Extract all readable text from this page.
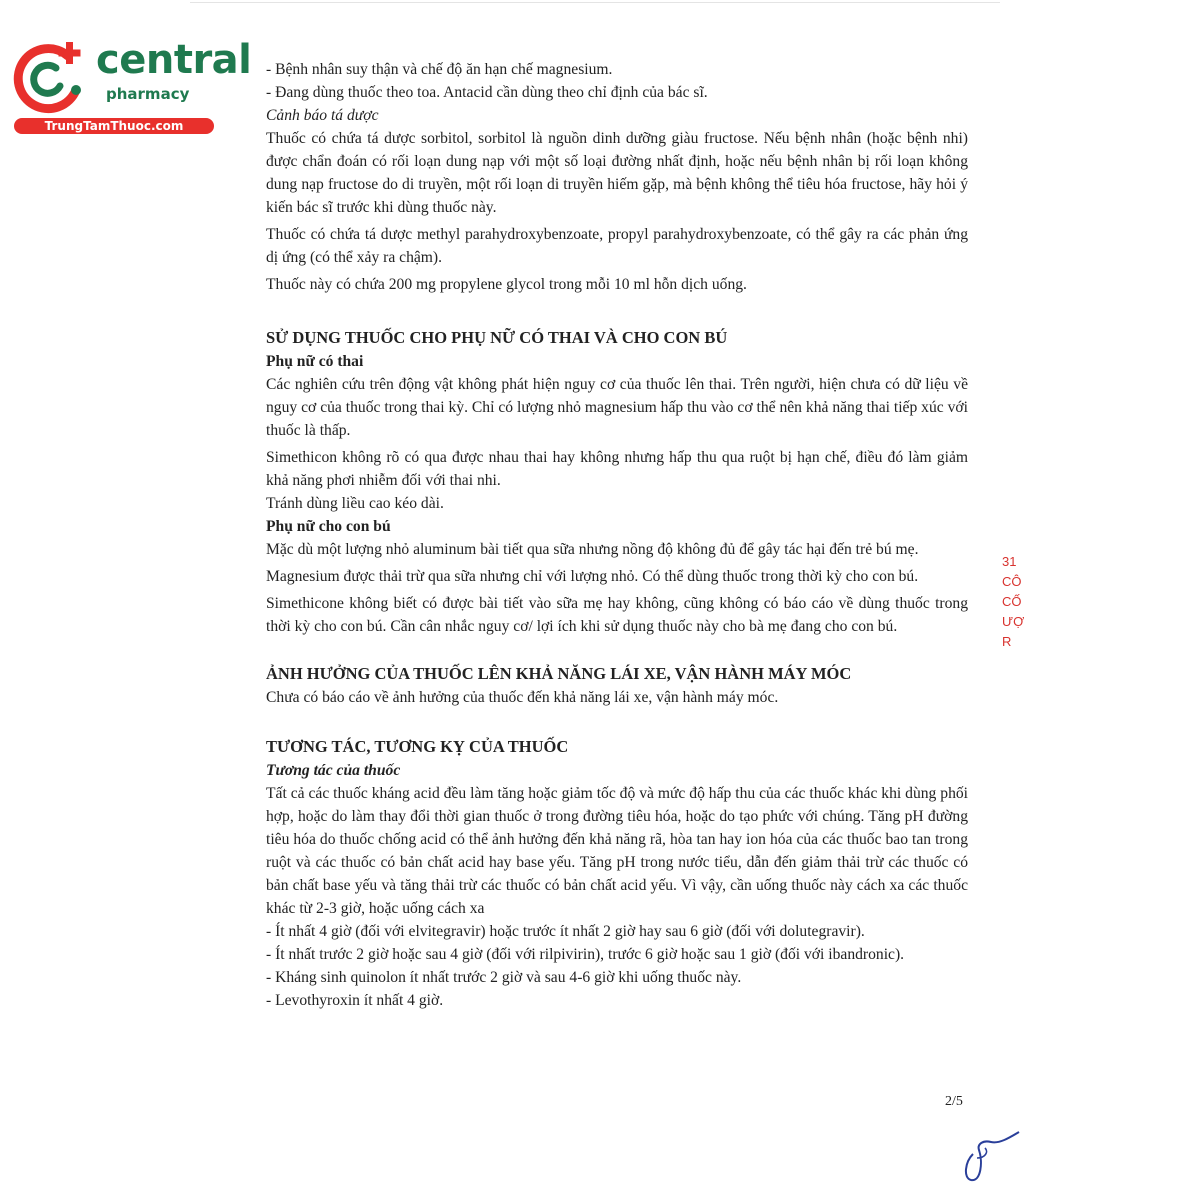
central
pharmacy
TrungTamThuoc.com

- Bệnh nhân suy thận và chế độ ăn hạn chế magnesium.

- Đang dùng thuốc theo toa. Antacid cần dùng theo chỉ định của bác sĩ.

Cảnh báo tá dược

Thuốc có chứa tá dược sorbitol, sorbitol là nguồn dinh dưỡng giàu fructose. Nếu bệnh nhân (hoặc bệnh nhi) được chẩn đoán có rối loạn dung nạp với một số loại đường nhất định, hoặc nếu bệnh nhân bị rối loạn không dung nạp fructose do di truyền, một rối loạn di truyền hiếm gặp, mà bệnh không thể tiêu hóa fructose, hãy hỏi ý kiến bác sĩ trước khi dùng thuốc này.

Thuốc có chứa tá dược methyl parahydroxybenzoate, propyl parahydroxybenzoate, có thể gây ra các phản ứng dị ứng (có thể xảy ra chậm).

Thuốc này có chứa 200 mg propylene glycol trong mỗi 10 ml hỗn dịch uống.

SỬ DỤNG THUỐC CHO PHỤ NỮ CÓ THAI VÀ CHO CON BÚ
Phụ nữ có thai

Các nghiên cứu trên động vật không phát hiện nguy cơ của thuốc lên thai. Trên người, hiện chưa có dữ liệu về nguy cơ của thuốc trong thai kỳ. Chỉ có lượng nhỏ magnesium hấp thu vào cơ thể nên khả năng thai tiếp xúc với thuốc là thấp.

Simethicon không rõ có qua được nhau thai hay không nhưng hấp thu qua ruột bị hạn chế, điều đó làm giảm khả năng phơi nhiễm đối với thai nhi.

Tránh dùng liều cao kéo dài.

Phụ nữ cho con bú

Mặc dù một lượng nhỏ aluminum bài tiết qua sữa nhưng nồng độ không đủ để gây tác hại đến trẻ bú mẹ.

Magnesium được thải trừ qua sữa nhưng chỉ với lượng nhỏ. Có thể dùng thuốc trong thời kỳ cho con bú.

Simethicone không biết có được bài tiết vào sữa mẹ hay không, cũng không có báo cáo về dùng thuốc trong thời kỳ cho con bú. Cần cân nhắc nguy cơ/ lợi ích khi sử dụng thuốc này cho bà mẹ đang cho con bú.

ẢNH HƯỞNG CỦA THUỐC LÊN KHẢ NĂNG LÁI XE, VẬN HÀNH MÁY MÓC

Chưa có báo cáo về ảnh hưởng của thuốc đến khả năng lái xe, vận hành máy móc.

TƯƠNG TÁC, TƯƠNG KỴ CỦA THUỐC

Tương tác của thuốc

Tất cả các thuốc kháng acid đều làm tăng hoặc giảm tốc độ và mức độ hấp thu của các thuốc khác khi dùng phối hợp, hoặc do làm thay đổi thời gian thuốc ở trong đường tiêu hóa, hoặc do tạo phức với chúng. Tăng pH đường tiêu hóa do thuốc chống acid có thể ảnh hưởng đến khả năng rã, hòa tan hay ion hóa của các thuốc bao tan trong ruột và các thuốc có bản chất acid hay base yếu. Tăng pH trong nước tiểu, dẫn đến giảm thải trừ các thuốc có bản chất base yếu và tăng thải trừ các thuốc có bản chất acid yếu. Vì vậy, cần uống thuốc này cách xa các thuốc khác từ 2-3 giờ, hoặc uống cách xa

- Ít nhất 4 giờ (đối với elvitegravir) hoặc trước ít nhất 2 giờ hay sau 6 giờ (đối với dolutegravir).

- Ít nhất trước 2 giờ hoặc sau 4 giờ (đối với rilpivirin), trước 6 giờ hoặc sau 1 giờ (đối với ibandronic).

- Kháng sinh quinolon ít nhất trước 2 giờ và sau 4-6 giờ khi uống thuốc này.

- Levothyroxin ít nhất 4 giờ.

2/5
31
CÔ
CỐ
ƯỢ
R
